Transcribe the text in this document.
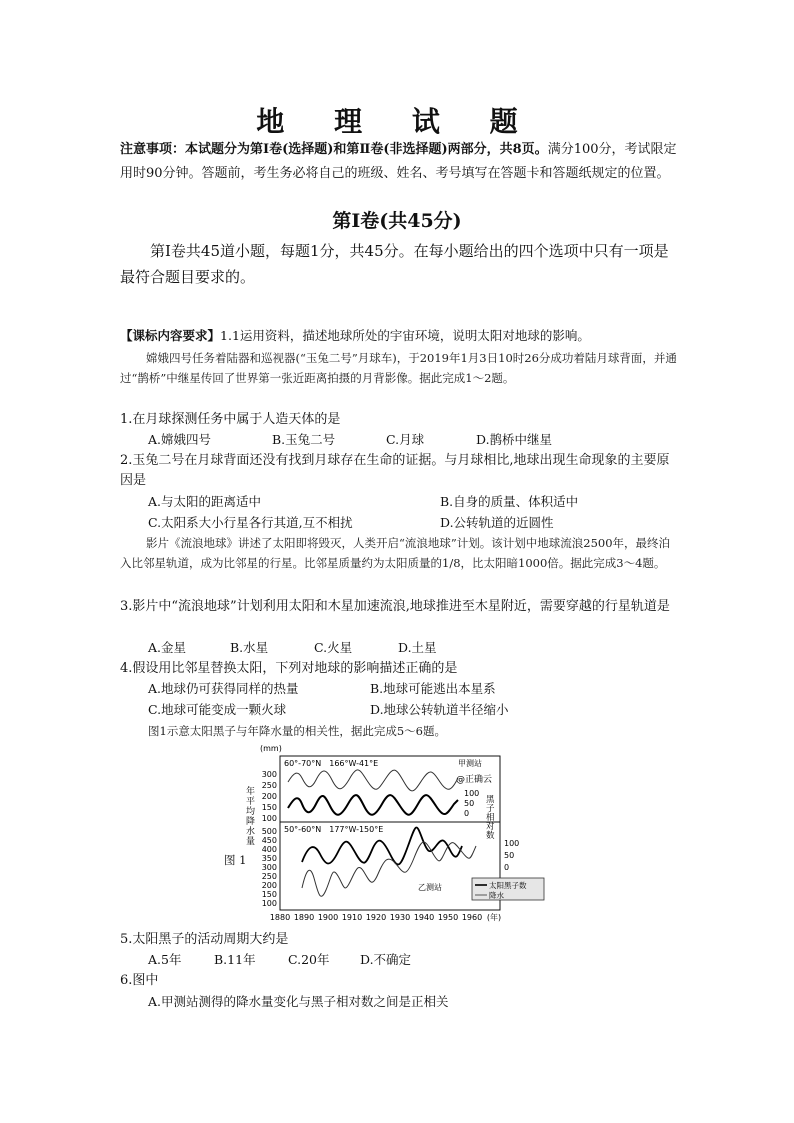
地 理 试 题
注意事项：本试题分为第Ⅰ卷(选择题)和第Ⅱ卷(非选择题)两部分，共8页。满分100分，考试限定用时90分钟。答题前，考生务必将自己的班级、姓名、考号填写在答题卡和答题纸规定的位置。
第Ⅰ卷(共45分)
第Ⅰ卷共45道小题，每题1分，共45分。在每小题给出的四个选项中只有一项是最符合题目要求的。
【课标内容要求】1.1运用资料，描述地球所处的宇宙环境，说明太阳对地球的影响。
嫦娥四号任务着陆器和巡视器(“玉兔二号”月球车)，于2019年1月3日10时26分成功着陆月球背面，并通过“鹊桥”中继星传回了世界第一张近距离拍摄的月背影像。据此完成1～2题。
1.在月球探测任务中属于人造天体的是
A.嫦娥四号	B.玉兔二号	C.月球	D.鹊桥中继星
2.玉兔二号在月球背面还没有找到月球存在生命的证据。与月球相比,地球出现生命现象的主要原因是
A.与太阳的距离适中	B.自身的质量、体积适中
C.太阳系大小行星各行其道,互不相扰	D.公转轨道的近圆性
影片《流浪地球》讲述了太阳即将毁灭，人类开启“流浪地球”计划。该计划中地球流浪2500年，最终泊入比邻星轨道，成为比邻星的行星。比邻星质量约为太阳质量的1/8，比太阳暗1000倍。据此完成3～4题。
3.影片中“流浪地球”计划利用太阳和木星加速流浪,地球推进至木星附近，需要穿越的行星轨道是
A.金星	B.水星	C.火星	D.土星
4.假设用比邻星替换太阳，下列对地球的影响描述正确的是
A.地球仍可获得同样的热量	B.地球可能逃出本星系
C.地球可能变成一颗火球	D.地球公转轨道半径缩小
图1示意太阳黑子与年降水量的相关性，据此完成5～6题。
图 1
(mm)
年平均降水量
黑子相对数
60°-70°N　166°W-41°E	甲测站
@正确云
300
250
200
150
100
100
50
0
50°-60°N　177°W-150°E
乙测站
500
450
400
350
300
250
200
150
100
100
50
0
太阳黑子数
降水
1880 1890 1900 1910 1920 1930 1940 1950 1960 (年)
5.太阳黑子的活动周期大约是
A.5年	B.11年	C.20年 D.不确定
6.图中
A.甲测站测得的降水量变化与黑子相对数之间是正相关
